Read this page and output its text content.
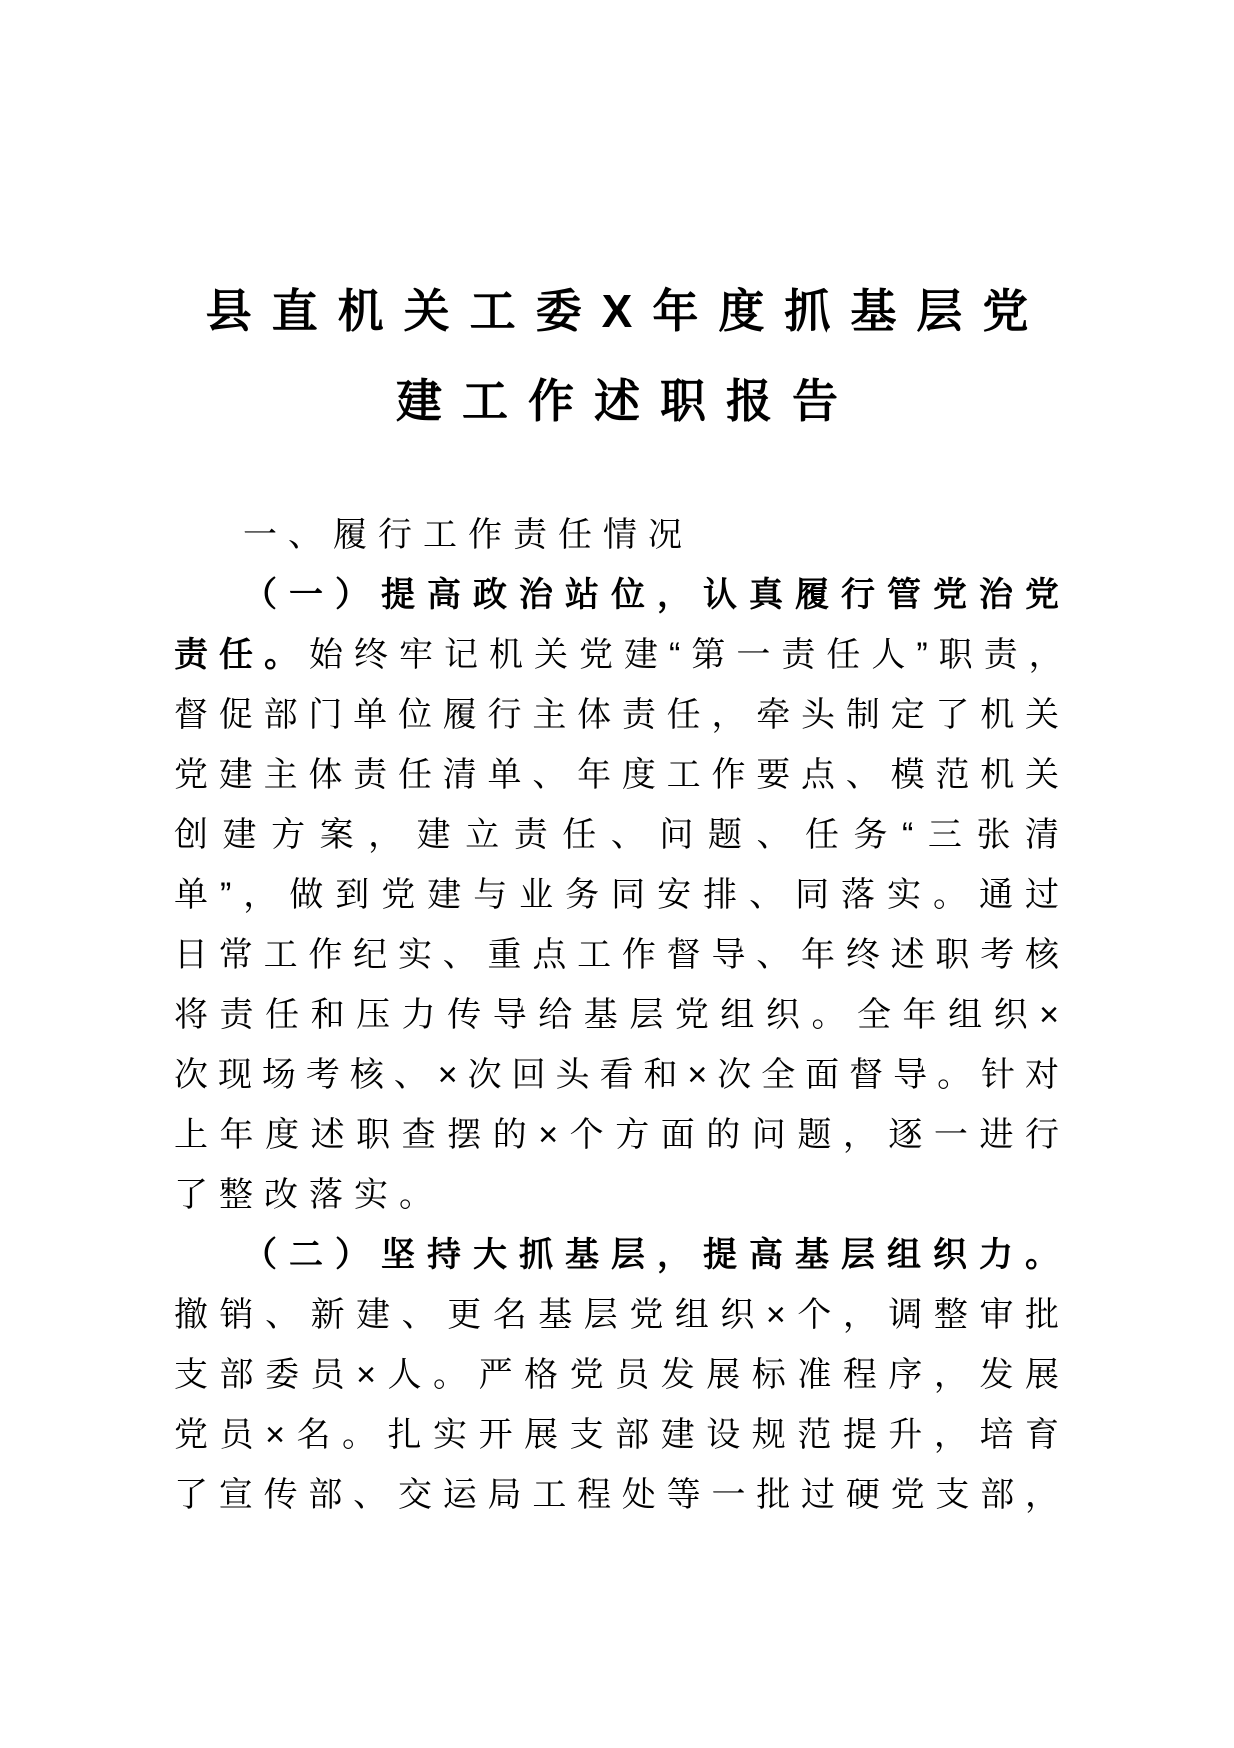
县直机关工委X年度抓基层党
建工作述职报告
一、履行工作责任情况
（一）提高政治站位，认真履行管党治党
责任。始终牢记机关党建“第一责任人”职责，
督促部门单位履行主体责任，牵头制定了机关
党建主体责任清单、年度工作要点、模范机关
创建方案，建立责任、问题、任务“三张清
单”，做到党建与业务同安排、同落实。通过
日常工作纪实、重点工作督导、年终述职考核
将责任和压力传导给基层党组织。全年组织×
次现场考核、×次回头看和×次全面督导。针对
上年度述职查摆的×个方面的问题，逐一进行
了整改落实。
（二）坚持大抓基层，提高基层组织力。
撤销、新建、更名基层党组织×个，调整审批
支部委员×人。严格党员发展标准程序，发展
党员×名。扎实开展支部建设规范提升，培育
了宣传部、交运局工程处等一批过硬党支部，
